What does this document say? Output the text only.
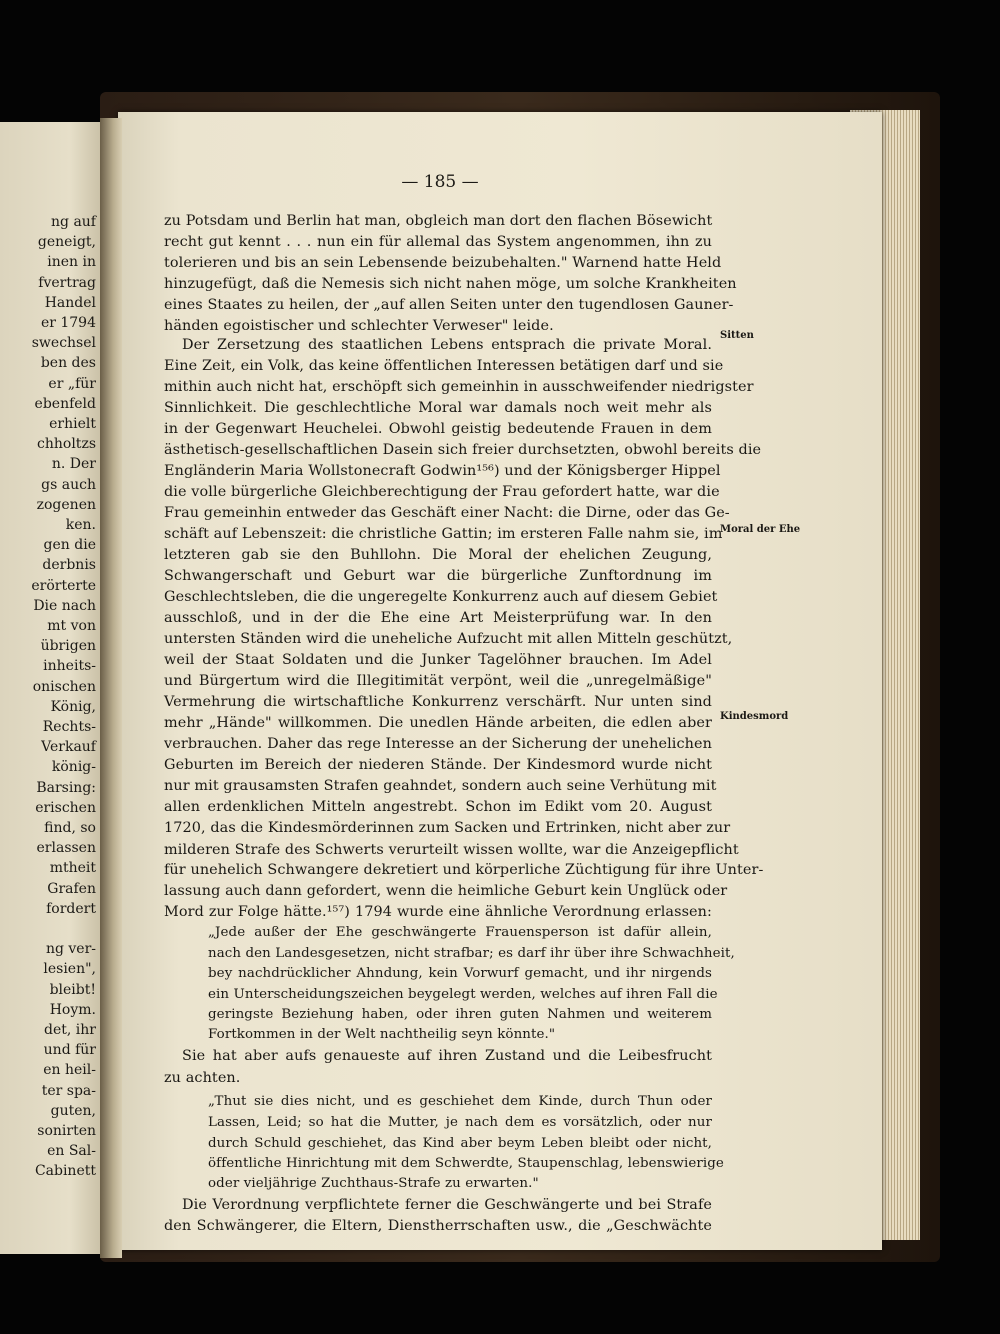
ng auf
geneigt,
inen in
fvertrag
Handel
er 1794
swechsel
ben des
er „für
ebenfeld
erhielt
chholtzs
n. Der
gs auch
zogenen
ken.
gen die
derbnis
erörterte
Die nach
mt von
übrigen
inheits-
onischen
König,
Rechts-
Verkauf
könig-
Barsing:
erischen
find, so
erlassen
mtheit
Grafen
fordert
ng ver-
lesien",
bleibt!
Hoym.
det, ihr
und für
en heil-
ter spa-
guten,
sonirten
en Sal-
Cabinett
— 185 —
Sitten
Moral der Ehe
Kindesmord
zu Potsdam und Berlin hat man, obgleich man dort den flachen Bösewicht
recht gut kennt . . . nun ein für allemal das System angenommen, ihn zu
tolerieren und bis an sein Lebensende beizubehalten." Warnend hatte Held
hinzugefügt, daß die Nemesis sich nicht nahen möge, um solche Krankheiten
eines Staates zu heilen, der „auf allen Seiten unter den tugendlosen Gauner-
händen egoistischer und schlechter Verweser" leide.
Der Zersetzung des staatlichen Lebens entsprach die private Moral.
Eine Zeit, ein Volk, das keine öffentlichen Interessen betätigen darf und sie
mithin auch nicht hat, erschöpft sich gemeinhin in ausschweifender niedrigster
Sinnlichkeit. Die geschlechtliche Moral war damals noch weit mehr als
in der Gegenwart Heuchelei. Obwohl geistig bedeutende Frauen in dem
ästhetisch-gesellschaftlichen Dasein sich freier durchsetzten, obwohl bereits die
Engländerin Maria Wollstonecraft Godwin¹⁵⁶) und der Königsberger Hippel
die volle bürgerliche Gleichberechtigung der Frau gefordert hatte, war die
Frau gemeinhin entweder das Geschäft einer Nacht: die Dirne, oder das Ge-
schäft auf Lebenszeit: die christliche Gattin; im ersteren Falle nahm sie, im
letzteren gab sie den Buhllohn. Die Moral der ehelichen Zeugung,
Schwangerschaft und Geburt war die bürgerliche Zunftordnung im
Geschlechtsleben, die die ungeregelte Konkurrenz auch auf diesem Gebiet
ausschloß, und in der die Ehe eine Art Meisterprüfung war. In den
untersten Ständen wird die uneheliche Aufzucht mit allen Mitteln geschützt,
weil der Staat Soldaten und die Junker Tagelöhner brauchen. Im Adel
und Bürgertum wird die Illegitimität verpönt, weil die „unregelmäßige"
Vermehrung die wirtschaftliche Konkurrenz verschärft. Nur unten sind
mehr „Hände" willkommen. Die unedlen Hände arbeiten, die edlen aber
verbrauchen. Daher das rege Interesse an der Sicherung der unehelichen
Geburten im Bereich der niederen Stände. Der Kindesmord wurde nicht
nur mit grausamsten Strafen geahndet, sondern auch seine Verhütung mit
allen erdenklichen Mitteln angestrebt. Schon im Edikt vom 20. August
1720, das die Kindesmörderinnen zum Sacken und Ertrinken, nicht aber zur
milderen Strafe des Schwerts verurteilt wissen wollte, war die Anzeigepflicht
für unehelich Schwangere dekretiert und körperliche Züchtigung für ihre Unter-
lassung auch dann gefordert, wenn die heimliche Geburt kein Unglück oder
Mord zur Folge hätte.¹⁵⁷) 1794 wurde eine ähnliche Verordnung erlassen:
„Jede außer der Ehe geschwängerte Frauensperson ist dafür allein,
nach den Landesgesetzen, nicht strafbar; es darf ihr über ihre Schwachheit,
bey nachdrücklicher Ahndung, kein Vorwurf gemacht, und ihr nirgends
ein Unterscheidungszeichen beygelegt werden, welches auf ihren Fall die
geringste Beziehung haben, oder ihren guten Nahmen und weiterem
Fortkommen in der Welt nachtheilig seyn könnte."
Sie hat aber aufs genaueste auf ihren Zustand und die Leibesfrucht
zu achten.
„Thut sie dies nicht, und es geschiehet dem Kinde, durch Thun oder
Lassen, Leid; so hat die Mutter, je nach dem es vorsätzlich, oder nur
durch Schuld geschiehet, das Kind aber beym Leben bleibt oder nicht,
öffentliche Hinrichtung mit dem Schwerdte, Staupenschlag, lebenswierige
oder vieljährige Zuchthaus-Strafe zu erwarten."
Die Verordnung verpflichtete ferner die Geschwängerte und bei Strafe
den Schwängerer, die Eltern, Dienstherrschaften usw., die „Geschwächte
